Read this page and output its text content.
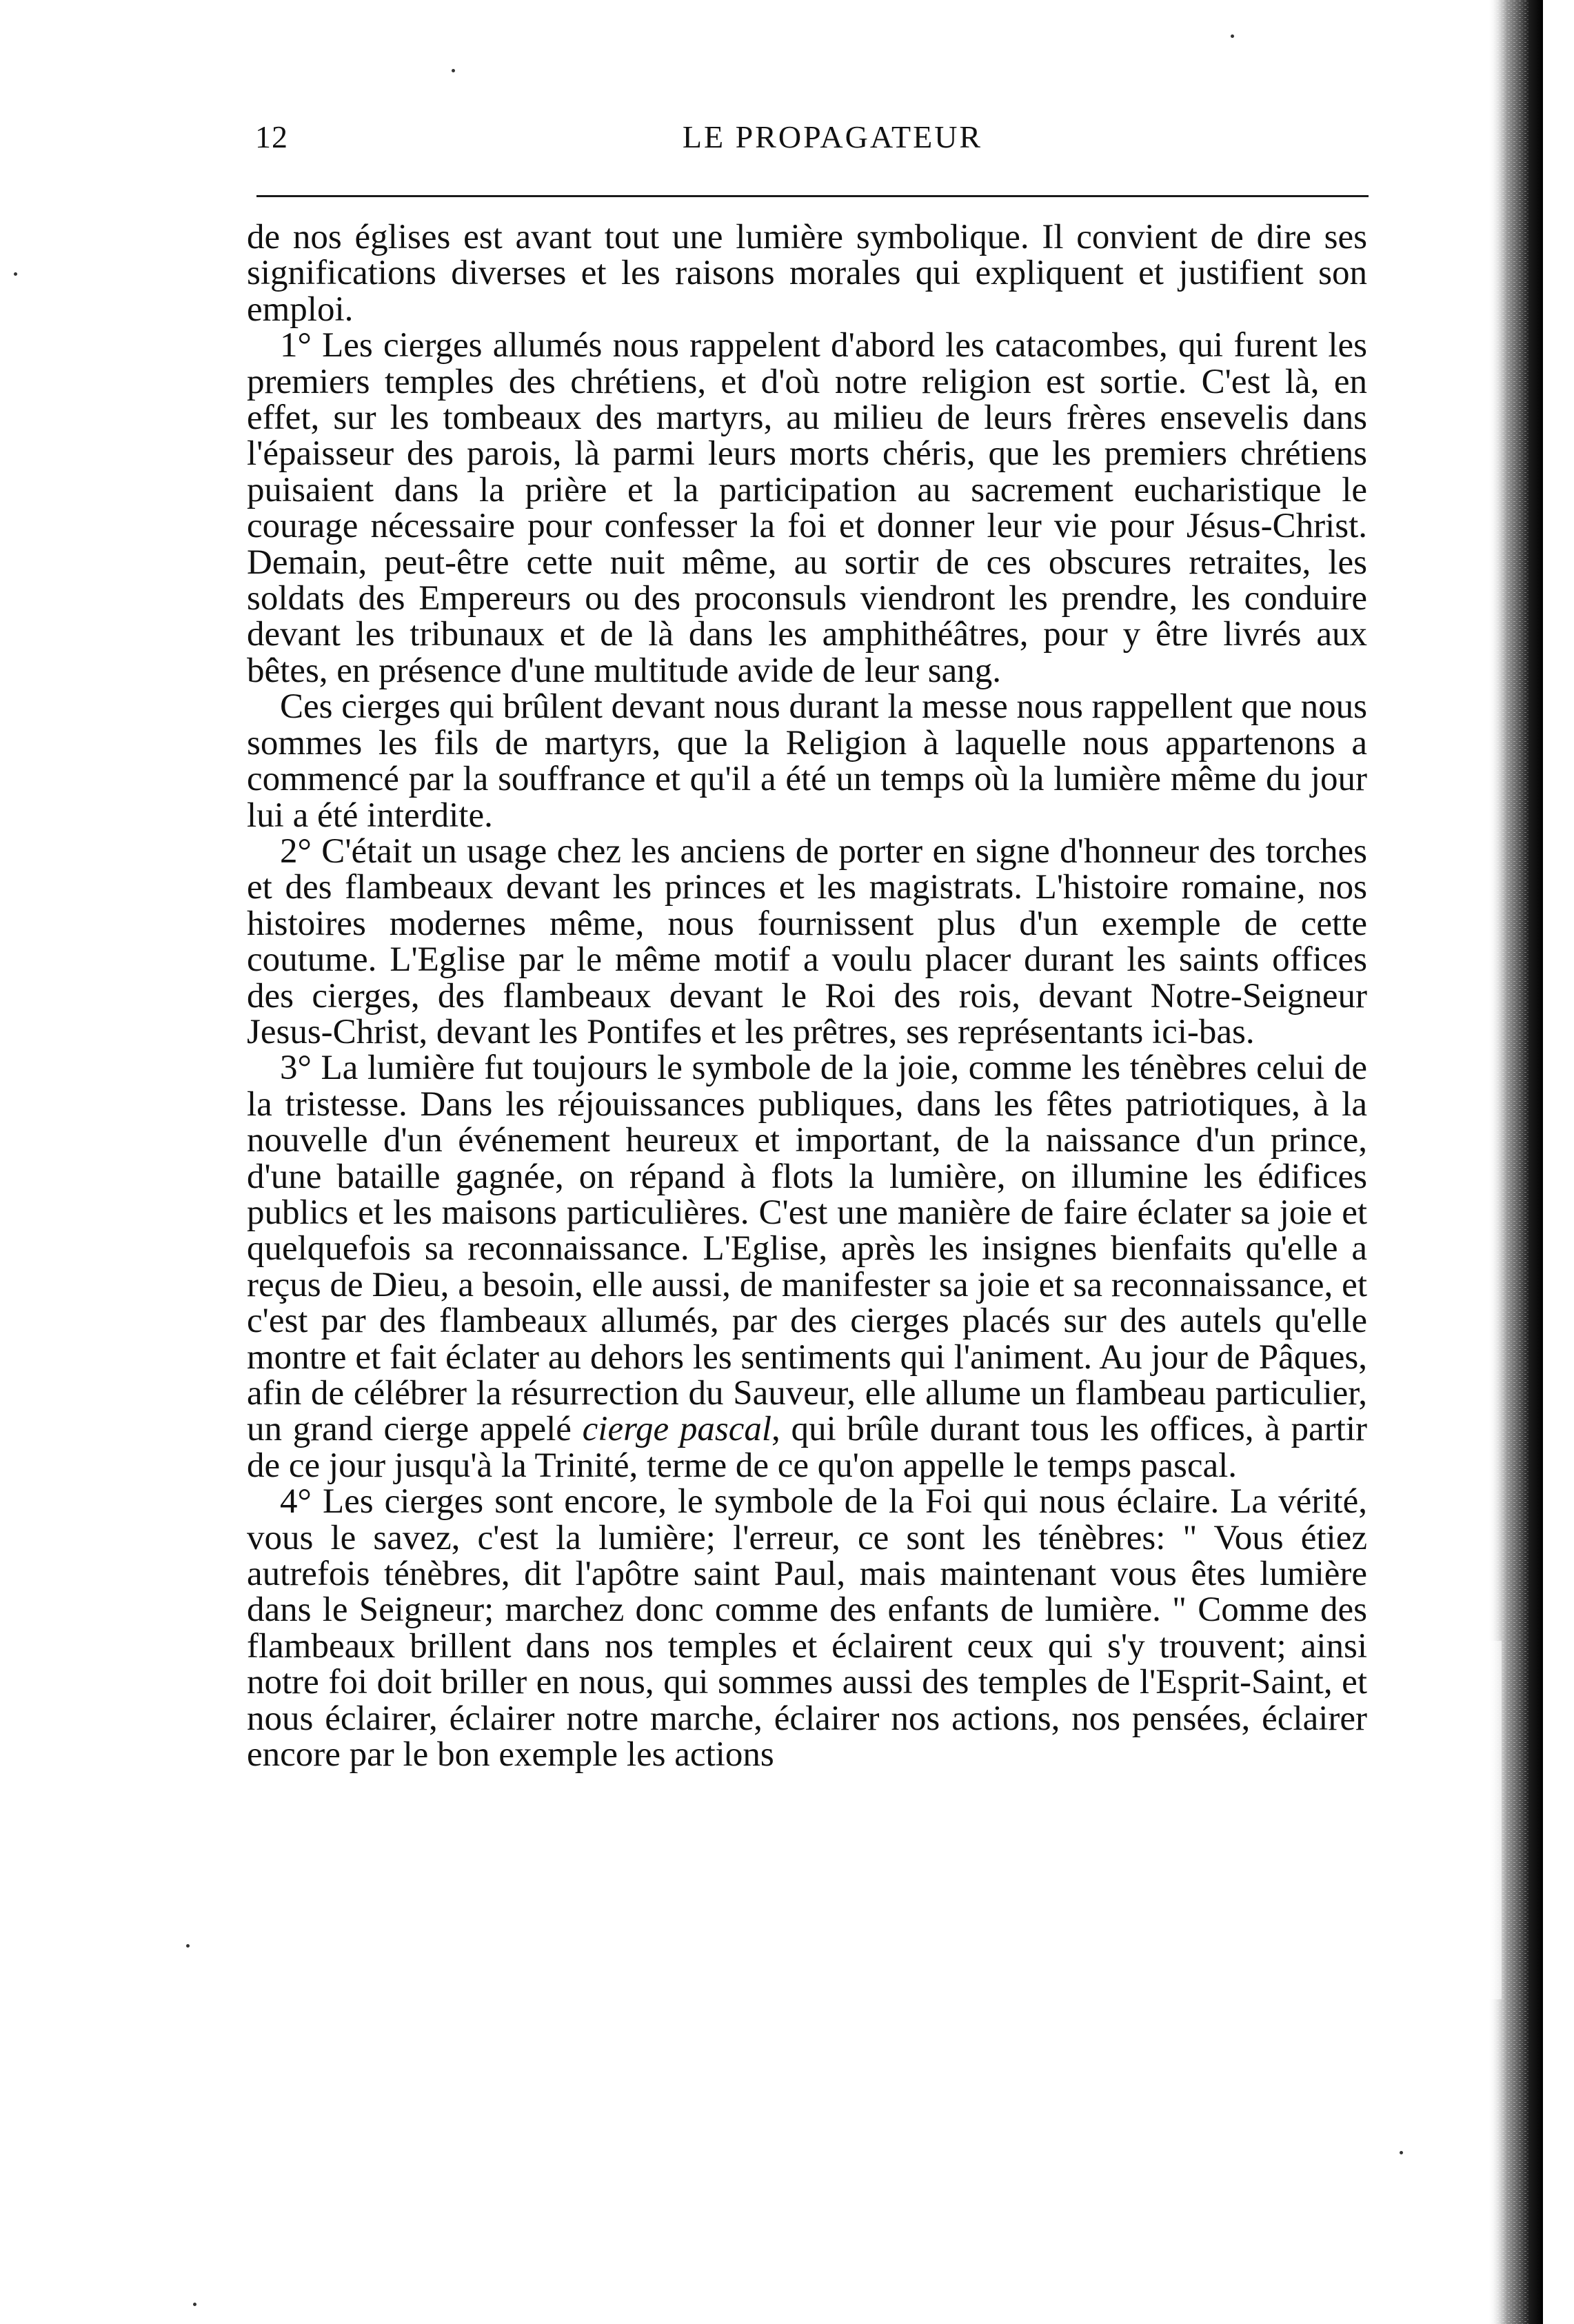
12	LE PROPAGATEUR

de nos églises est avant tout une lumière symbolique. Il convient de dire ses significations diverses et les raisons morales qui expliquent et justifient son emploi.

1° Les cierges allumés nous rappelent d'abord les catacombes, qui furent les premiers temples des chrétiens, et d'où notre religion est sortie. C'est là, en effet, sur les tombeaux des martyrs, au milieu de leurs frères ensevelis dans l'épaisseur des parois, là parmi leurs morts chéris, que les premiers chrétiens puisaient dans la prière et la participation au sacrement eucharistique le courage nécessaire pour confesser la foi et donner leur vie pour Jésus-Christ. Demain, peut-être cette nuit même, au sortir de ces obscures retraites, les soldats des Empereurs ou des proconsuls viendront les prendre, les conduire devant les tribunaux et de là dans les amphithéâtres, pour y être livrés aux bêtes, en présence d'une multitude avide de leur sang.

Ces cierges qui brûlent devant nous durant la messe nous rappellent que nous sommes les fils de martyrs, que la Religion à laquelle nous appartenons a commencé par la souffrance et qu'il a été un temps où la lumière même du jour lui a été interdite.

2° C'était un usage chez les anciens de porter en signe d'honneur des torches et des flambeaux devant les princes et les magistrats. L'histoire romaine, nos histoires modernes même, nous fournissent plus d'un exemple de cette coutume. L'Eglise par le même motif a voulu placer durant les saints offices des cierges, des flambeaux devant le Roi des rois, devant Notre-Seigneur Jesus-Christ, devant les Pontifes et les prêtres, ses représentants ici-bas.

3° La lumière fut toujours le symbole de la joie, comme les ténèbres celui de la tristesse. Dans les réjouissances publiques, dans les fêtes patriotiques, à la nouvelle d'un événement heureux et important, de la naissance d'un prince, d'une bataille gagnée, on répand à flots la lumière, on illumine les édifices publics et les maisons particulières. C'est une manière de faire éclater sa joie et quelquefois sa reconnaissance. L'Eglise, après les insignes bienfaits qu'elle a reçus de Dieu, a besoin, elle aussi, de manifester sa joie et sa reconnaissance, et c'est par des flambeaux allumés, par des cierges placés sur des autels qu'elle montre et fait éclater au dehors les sentiments qui l'animent. Au jour de Pâques, afin de célébrer la résurrection du Sauveur, elle allume un flambeau particulier, un grand cierge appelé cierge pascal, qui brûle durant tous les offices, à partir de ce jour jusqu'à la Trinité, terme de ce qu'on appelle le temps pascal.

4° Les cierges sont encore, le symbole de la Foi qui nous éclaire. La vérité, vous le savez, c'est la lumière; l'erreur, ce sont les ténèbres: " Vous étiez autrefois ténèbres, dit l'apôtre saint Paul, mais maintenant vous êtes lumière dans le Seigneur; marchez donc comme des enfants de lumière. " Comme des flambeaux brillent dans nos temples et éclairent ceux qui s'y trouvent; ainsi notre foi doit briller en nous, qui sommes aussi des temples de l'Esprit-Saint, et nous éclairer, éclairer notre marche, éclairer nos actions, nos pensées, éclairer encore par le bon exemple les actions
